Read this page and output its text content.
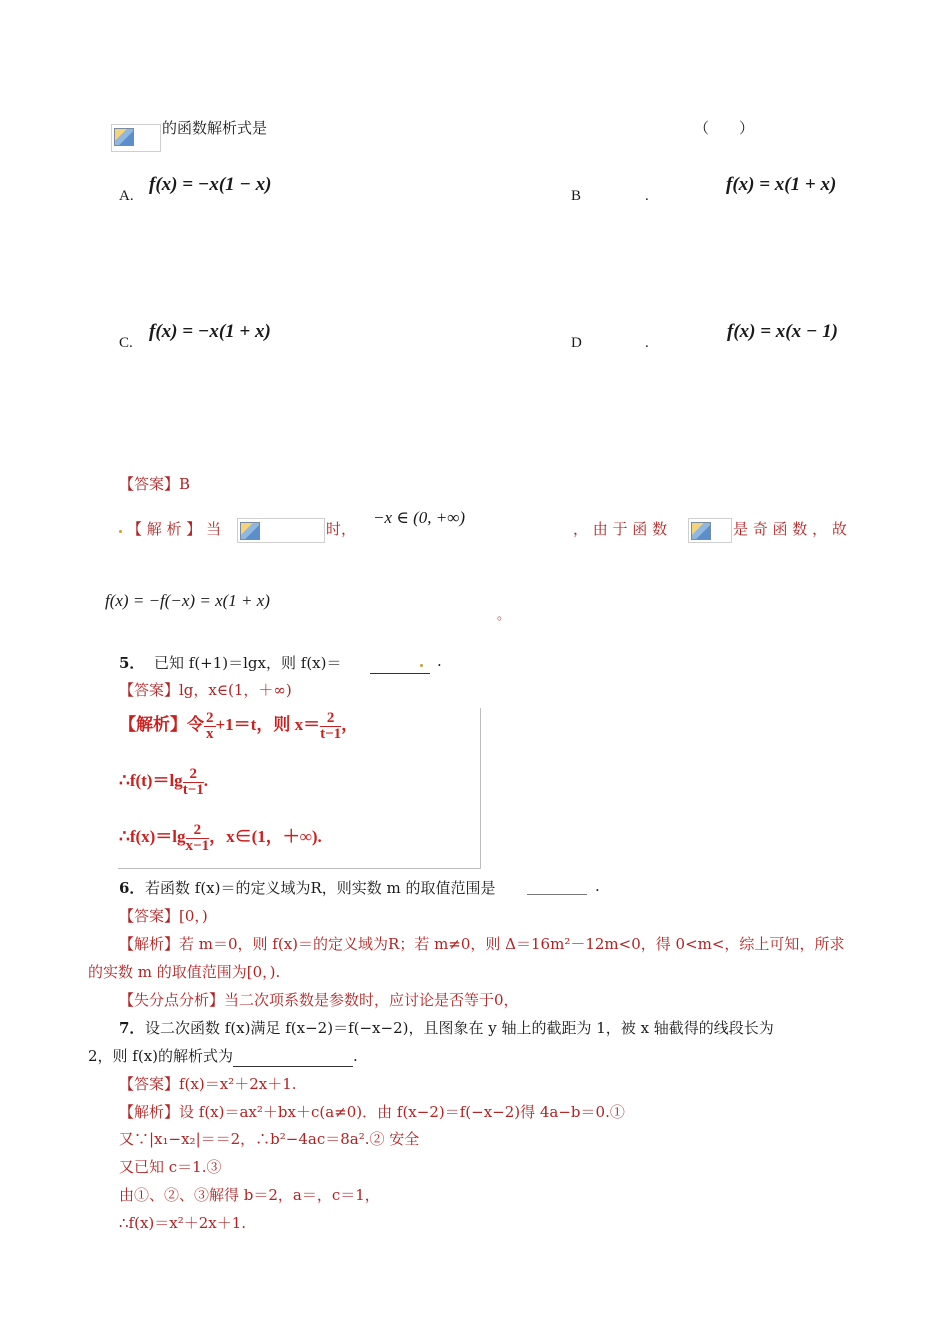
的函数解析式是	（　　）
A.
f(x) = −x(1 − x)
B	.
f(x) = x(1 + x)
C.
f(x) = −x(1 + x)
D	.
f(x) = x(x − 1)
【答案】B
【 解 析 】 当	时，
−x ∈ (0, +∞)
， 由 于 函 数	是 奇 函 数 ， 故
f(x) = −f(−x) = x(1 + x)
。
5． 已知 f(+1)＝lgx，则 f(x)＝
　　　　	.
【答案】lg，x∈(1，＋∞)
【解析】令 $\frac{2}{x} +1=t$，则 $x= \frac{2}{t-1}$ ，
∴f(t)＝lg $\frac{2}{t-1}$ .
∴f(x)＝lg $\frac{2}{x-1}$ ，x∈(1，＋∞).
6． 若函数 f(x)＝的定义域为R，则实数 m 的取值范围是 ________ .
【答案】[0，)
【解析】若 m＝0，则 f(x)＝的定义域为R；若 m≠0，则 Δ＝16m²－12m<0，得 0<m<，综上可知，所求
的实数 m 的取值范围为[0，).
【失分点分析】当二次项系数是参数时，应讨论是否等于0，
7． 设二次函数 f(x)满足 f(x−2)＝f(−x−2)，且图象在 y 轴上的截距为 1，被 x 轴截得的线段长为
2，则 f(x)的解析式为　　　　　　　　	.
【答案】f(x)＝x²＋2x＋1.
【解析】设 f(x)＝ax²＋bx＋c(a≠0)．由 f(x−2)＝f(−x−2)得 4a−b＝0.①
又∵|x₁−x₂|＝＝2，∴b²−4ac＝8a².② 安全
又已知 c＝1.③
由①、②、③解得 b＝2，a＝，c＝1，
∴f(x)＝x²＋2x＋1.
